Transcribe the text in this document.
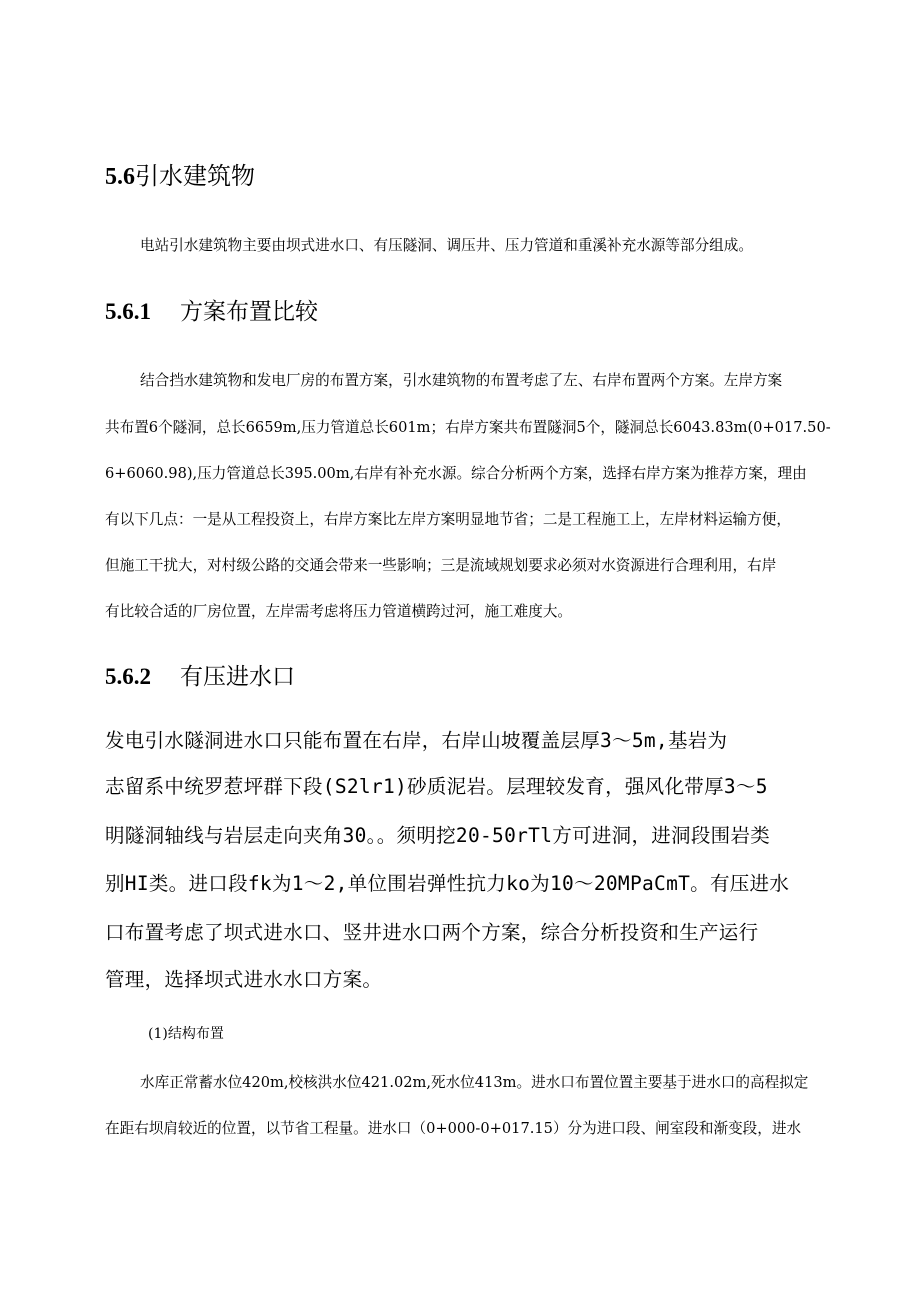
5.6引水建筑物
电站引水建筑物主要由坝式进水口、有压隧洞、调压井、压力管道和重溪补充水源等部分组成。
5.6.1 方案布置比较
结合挡水建筑物和发电厂房的布置方案，引水建筑物的布置考虑了左、右岸布置两个方案。左岸方案
共布置6个隧洞，总长6659m,压力管道总长601m；右岸方案共布置隧洞5个，隧洞总长6043.83m(0+017.50-
6+6060.98),压力管道总长395.00m,右岸有补充水源。综合分析两个方案，选择右岸方案为推荐方案，理由
有以下几点：一是从工程投资上，右岸方案比左岸方案明显地节省；二是工程施工上，左岸材料运输方便，
但施工干扰大，对村级公路的交通会带来一些影响；三是流域规划要求必须对水资源进行合理利用，右岸
有比较合适的厂房位置，左岸需考虑将压力管道横跨过河，施工难度大。
5.6.2 有压进水口
发电引水隧洞进水口只能布置在右岸，右岸山坡覆盖层厚3～5m,基岩为
志留系中统罗惹坪群下段(S2lr1)砂质泥岩。层理较发育，强风化带厚3～5
明隧洞轴线与岩层走向夹角30。。须明挖20-50rTl方可进洞，进洞段围岩类
别HI类。进口段fk为1～2,单位围岩弹性抗力ko为10～20MPaCmT。有压进水
口布置考虑了坝式进水口、竖井进水口两个方案，综合分析投资和生产运行
管理，选择坝式进水水口方案。
(1)结构布置
水库正常蓄水位420m,校核洪水位421.02m,死水位413m。进水口布置位置主要基于进水口的高程拟定
在距右坝肩较近的位置，以节省工程量。进水口（0+000-0+017.15）分为进口段、闸室段和渐变段，进水
